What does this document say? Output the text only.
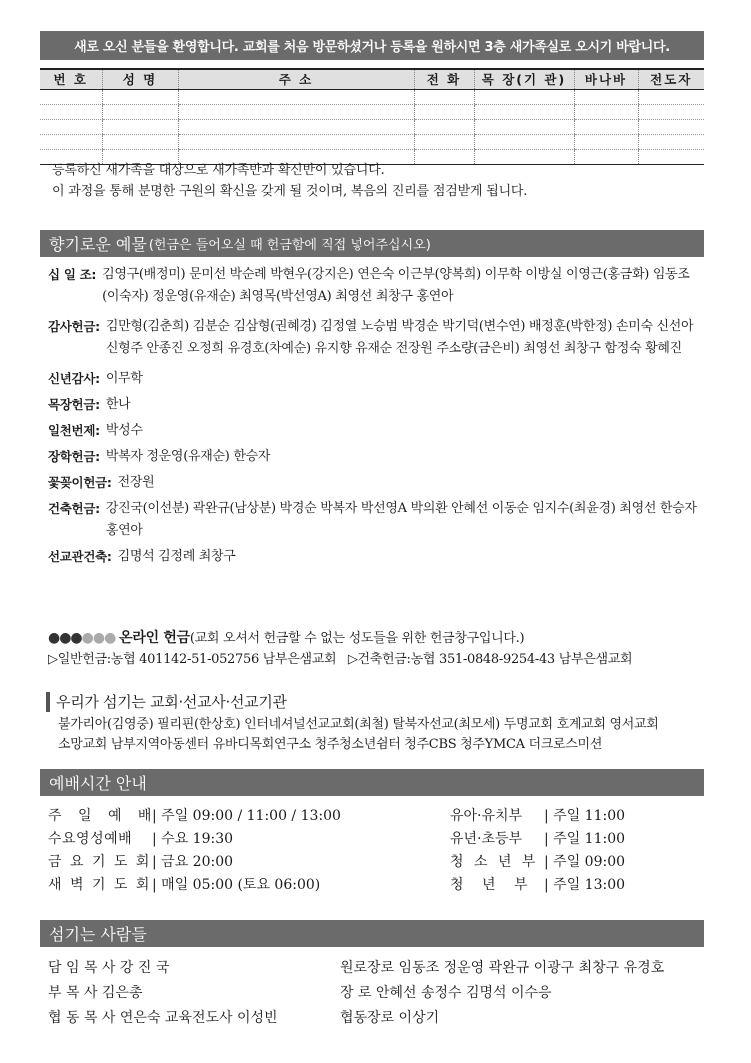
새로 오신 분들을 환영합니다. 교회를 처음 방문하셨거나 등록을 원하시면 3층 새가족실로 오시기 바랍니다.
번 호	성 명	주 소	전 화	목 장(기 관)	바나바	전도자

등록하신 새가족을 대상으로 새가족반과 확신반이 있습니다.
이 과정을 통해 분명한 구원의 확신을 갖게 될 것이며, 복음의 진리를 점검받게 됩니다.
향기로운 예물 (헌금은 들어오실 때 헌금함에 직접 넣어주십시오)
십 일 조: 김영구(배정미) 문미선 박순례 박현우(강지은) 연은숙 이근부(양복희) 이무학 이방실 이영근(홍금화) 임동조(이숙자) 정운영(유재순) 최영목(박선영A) 최영선 최창구 홍연아
감사헌금: 김만형(김춘희) 김분순 김삼형(권혜경) 김정열 노승범 박경순 박기덕(변수연) 배정훈(박한정) 손미숙 신선아 신형주 안종진 오정희 유경호(차예순) 유지향 유재순 전장원 주소량(금은비) 최영선 최창구 함정숙 황혜진
신년감사: 이무학
목장헌금: 한나
일천번제: 박성수
장학헌금: 박복자 정운영(유재순) 한승자
꽃꽂이헌금: 전장원
건축헌금: 강진국(이선분) 곽완규(남상분) 박경순 박복자 박선영A 박의환 안혜선 이동순 임지수(최윤경) 최영선 한승자 홍연아
선교관건축: 김명석 김정례 최창구
●●●●●● 온라인 헌금(교회 오셔서 헌금할 수 없는 성도들을 위한 헌금창구입니다.)
▷일반헌금:농협 401142-51-052756 남부은샘교회 ▷건축헌금:농협 351-0848-9254-43 남부은샘교회
우리가 섬기는 교회·선교사·선교기관
불가리아(김영중) 필리핀(한상호) 인터네셔널선교교회(최철) 탈북자선교(최모세) 두명교회 호계교회 영서교회
소망교회 남부지역아동센터 유바디목회연구소 청주청소년쉼터 청주CBS 청주YMCA 더크로스미션
예배시간 안내
주 일 예 배
| 주일 09:00 / 11:00 / 13:00
수요영성예배	| 수요 19:30
금 요 기 도 회 | 금요 20:00
새 벽 기 도 회 | 매일 05:00 (토요 06:00)
유아·유치부	| 주일 11:00
유년·초등부	| 주일 11:00
청 소 년 부 | 주일 09:00
청　 년　 부	| 주일 13:00
섬기는 사람들
담 임 목 사 강 진 국
부 목 사 김은총
협 동 목 사 연은숙 교육전도사 이성빈
원로장로 임동조 정운영 곽완규 이광구 최창구 유경호
장 로 안혜선 송정수 김명석 이수응
협동장로 이상기
